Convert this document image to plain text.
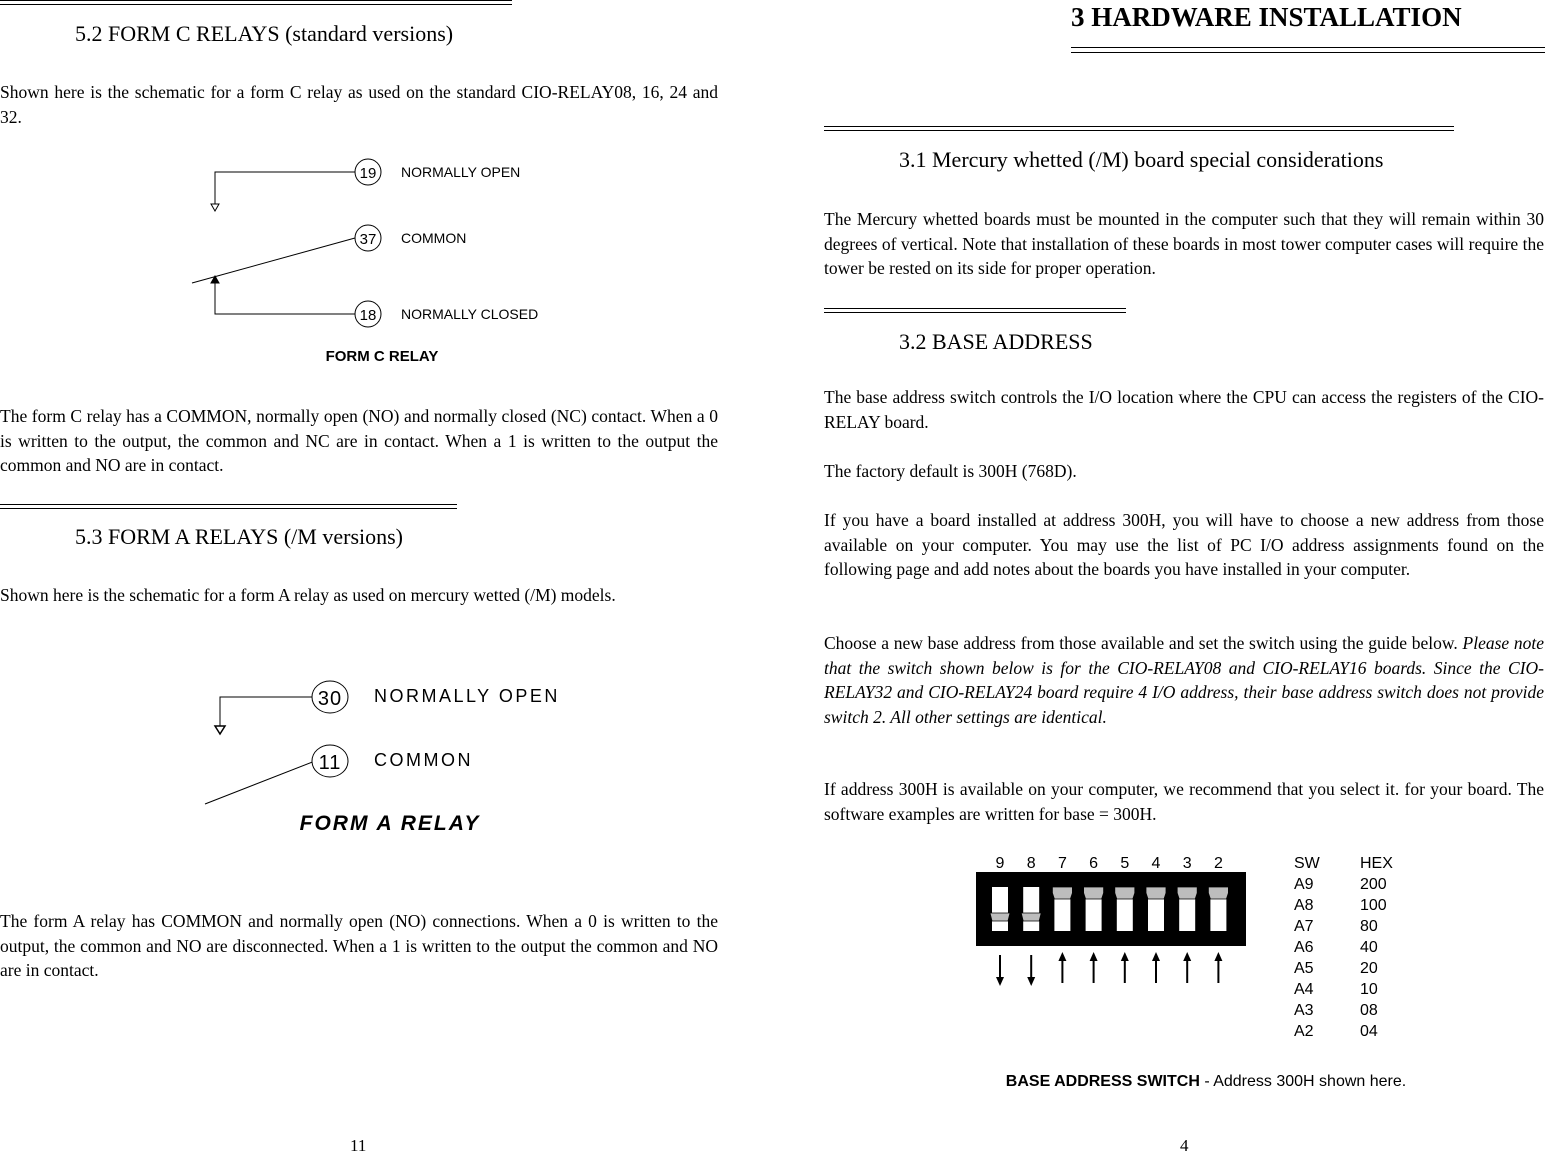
5.2 FORM C RELAYS (standard versions)
Shown here is the schematic for a form C relay as used on the standard CIO-RELAY08, 16, 24 and 32.
19
37
18
NORMALLY OPEN
COMMON
NORMALLY CLOSED
FORM C RELAY
The form C relay has a COMMON, normally open (NO) and normally closed (NC) contact. When a 0 is written to the output, the common and NC are in contact. When a 1 is written to the output the common and NO are in contact.
5.3 FORM A RELAYS (/M versions)
Shown here is the schematic for a form A relay as used on mercury wetted (/M) models.
30
11
NORMALLY OPEN
COMMON
FORM A RELAY
The form A relay has COMMON and normally open (NO) connections. When a 0 is written to the output, the common and NO are disconnected. When a 1 is written to the output the common and NO are in contact.
11
3 HARDWARE INSTALLATION
3.1 Mercury whetted (/M) board special considerations
The Mercury whetted boards must be mounted in the computer such that they will remain within 30 degrees of vertical. Note that installation of these boards in most tower computer cases will require the tower be rested on its side for proper operation.
3.2 BASE ADDRESS
The base address switch controls the I/O location where the CPU can access the registers of the CIO-RELAY board.
The factory default is 300H (768D).
If you have a board installed at address 300H, you will have to choose a new address from those available on your computer. You may use the list of PC I/O address assignments found on the following page and add notes about the boards you have installed in your computer.
Choose a new base address from those available and set the switch using the guide below. Please note that the switch shown below is for the CIO-RELAY08 and CIO-RELAY16 boards. Since the CIO-RELAY32 and CIO-RELAY24 board require 4 I/O address, their base address switch does not provide switch 2. All other settings are identical.
If address 300H is available on your computer, we recommend that you select it. for your board. The software examples are written for base = 300H.
9 8 7 6 5 4 3 2	SW	HEX
A9	200
A8	100
A7	80
A6	40
A5	20
A4	10
A3	08
A2	04
BASE ADDRESS SWITCH - Address 300H shown here.
4
